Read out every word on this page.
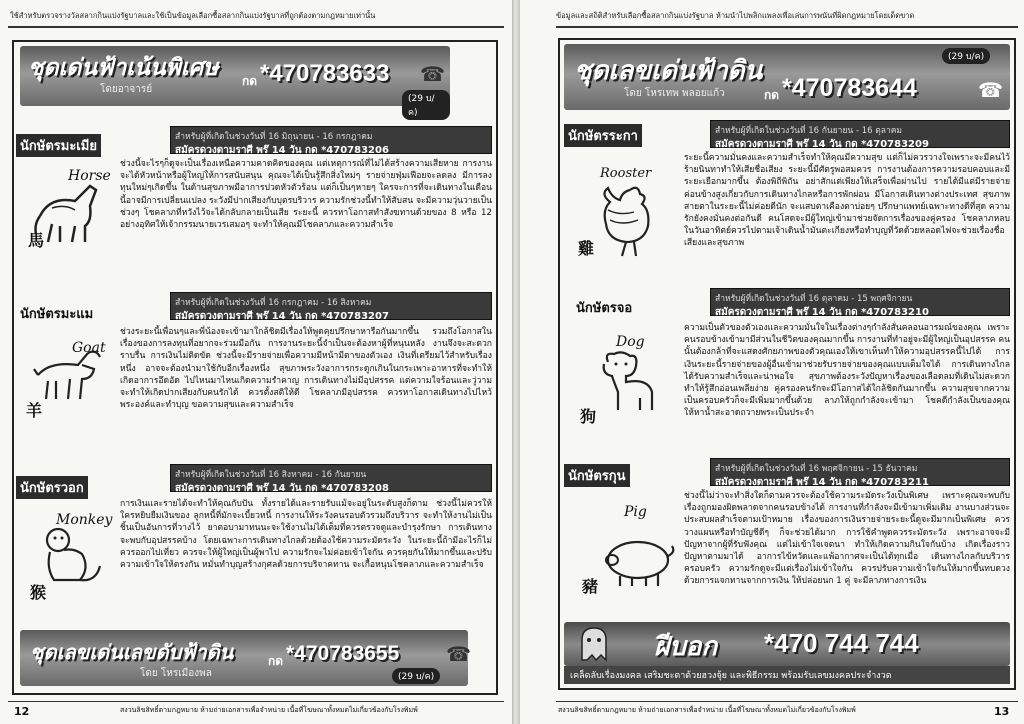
ใช้สำหรับตรวจรางวัลสลากกินแบ่งรัฐบาลและใช้เป็นข้อมูลเลือกซื้อสลากกินแบ่งรัฐบาลที่ถูกต้องตามกฎหมายเท่านั้น
ชุดเด่นฟ้าเน้นพิเศษ
โดยอาจารย์
กด *470783633
(29 บ/ค)
☎
นักษัตรมะเมีย
สำหรับผู้ที่เกิดในช่วงวันที่ 16 มิถุนายน - 16 กรกฎาคม
สมัครดวงตามราศี พร๊ 14 วัน กด *470783206
Horse
馬
ช่วงนี้จะไรๆก็ดูจะเป็นเรื่องเหนือความคาดคิดของคุณ แต่เหตุการณ์ที่ไม่ได้สร้างความเสียหาย การงานจะได้หัวหน้าหรือผู้ใหญ่ให้การสนับสนุน คุณจะได้เป็นรู้สึกสิ่งใหม่ๆ รายจ่ายฟุ่มเฟือยจะลดลง มีการลงทุนใหม่ๆเกิดขึ้น ในด้านสุขภาพมีอาการปวดหัวตัวร้อน แต่ก็เป็นๆหายๆ ใครจะการที่จะเดินทางในเดือนนี้อาจมีการเปลี่ยนแปลง ระวังมีปากเสียงกับบุตรบริวาร ความรักช่วงนี้ทำให้สับสน จะมีความวุ่นวายเป็นช่วงๆ โชคลาภที่หวังไว้จะได้กลับกลายเป็นเสีย ระยะนี้ ควรหาโอกาสทำสังฆทานด้วยของ 8 หรือ 12 อย่างอุทิศให้เจ้ากรรมนายเวรเสมอๆ จะทำให้คุณมีโชคลาภและความสำเร็จ
นักษัตรมะแม
สำหรับผู้ที่เกิดในช่วงวันที่ 16 กรกฎาคม - 16 สิงหาคม
สมัครดวงตามราศี พร๊ 14 วัน กด *470783207
Goat
羊
ช่วงระยะนี้เพื่อนๆและพี่น้องจะเข้ามาใกล้ชิดมีเรื่องให้พูดคุยปรึกษาหารือกันมากขึ้น รวมถึงโอกาสในเรื่องของการลงทุนที่อยากจะร่วมมือกัน การงานระยะนี้จำเป็นจะต้องหาผู้ที่หนุนหลัง งานจึงจะสะดวกราบรื่น การเงินไม่ติดขัด ช่วงนี้จะมีรายจ่ายเพื่อความมีหน้ามีตาของตัวเอง เงินที่เตรียมไว้สำหรับเรื่องหนึ่ง อาจจะต้องนำมาใช้กับอีกเรื่องหนึ่ง สุขภาพระวังอาการกระดูกเกินในกระเพาะอาหารที่จะทำให้เกิดอาการอึดอัด ไปไหนมาไหนเกิดความรำคาญ การเดินทางไม่มีอุปสรรค แต่ความใจร้อนและวู่วามจะทำให้เกิดปากเสียงกับคนรักได้ ควรตั้งสติให้ดี โชคลาภมีอุปสรรค ควรหาโอกาสเดินทางไปไหว้พระองค์และทำบุญ ขอความสุขและความสำเร็จ
นักษัตรวอก
สำหรับผู้ที่เกิดในช่วงวันที่ 16 สิงหาคม - 16 กันยายน
สมัครดวงตามราศี พร๊ 14 วัน กด *470783208
Monkey
猴
การเงินและรายได้จะทำให้คุณกับปัน ทั้งรายได้และรายรับแม้จะอยู่ในระดับสูงก็ตาม ช่วงนี้ไม่ควรให้ใครหยิบยืมเงินของ ลูกหนี้ที่มักจะเบี้ยวหนี้ การงานให้ระวังคนรอบตัวรวมถึงบริวาร จะทำให้งานไม่เป็นชิ้นเป็นอันการที่วางไว้ ยาตอบามาทนนะจะใช้งานไม่ได้เต็มที่ควรตรวจดูและบำรุงรักษา การเดินทางจะพบกับอุปสรรคบ้าง โดยเฉพาะการเดินทางไกลด้วยต้องใช้ความระมัดระวัง ในระยะนี้ถ้ามีอะไรก็ไม่ควรออกไปเที่ยว ควรจะให้ผู้ใหญ่เป็นผู้พาไป ความรักจะไม่ค่อยเข้าใจกัน ควรคุยกันให้มากขึ้นและปรับความเข้าใจให้ตรงกัน หมั่นทำบุญสร้างกุศลด้วยการบริจาคทาน จะเกื้อหนุนโชคลาภและความสำเร็จ
ชุดเลขเด่นเลขดับฟ้าดิน
โดย โหรเมืองพล
กด *470783655
(29 บ/ค)
☎
12	สงวนลิขสิทธิ์ตามกฎหมาย ห้ามถ่ายเอกสารเพื่อจำหน่าย เนื้อที่โฆษณาทั้งหมดไม่เกี่ยวข้องกับโรงพิมพ์
ข้อมูลและสถิติสำหรับเลือกซื้อสลากกินแบ่งรัฐบาล ห้ามนำไปพลิกแพลงเพื่อเล่นการพนันที่ผิดกฎหมายโดยเด็ดขาด
(29 บ/ค)
ชุดเลขเด่นฟ้าดิน
โดย โหรเทพ พลอยแก้ว	กด *470783644	☎
นักษัตรระกา	สำหรับผู้ที่เกิดในช่วงวันที่ 16 กันยายน - 16 ตุลาคม
สมัครดวงตามราศี พร๊ 14 วัน กด *470783209
Rooster
雞
ระยะนี้ความมั่นคงและความสำเร็จทำให้คุณมีความสุข แต่ก็ไม่ควรวางใจเพราะจะมีคนไว้ร้ายนินทาทำให้เสียชื่อเสียง ระยะนี้มีศัตรูพอสมควร การงานต้องการความรอบคอบและมีระยะเยือกมากขึ้น ต้องพิถีพิถัน อย่าสักแต่เพียงให้เสร็จเพื่อผ่านไป รายได้มีแต่มีรายจ่ายค่อนข้างสูงเกี่ยวกับการเดินทางไกลหรือการพักผ่อน มีโอกาสเดินทางต่างประเทศ สุขภาพสายตาในระยะนี้ไม่ค่อยดีนัก จะแสบตาเคืองตาบ่อยๆ ปรึกษาแพทย์เฉพาะทางดีที่สุด ความรักยังคงมั่นคงต่อกันดี คนโสดจะมีผู้ใหญ่เข้ามาช่วยจัดการเรื่องของคู่ครอง โชคลาภหลบ ในวันอาทิตย์ควรไปตามเจ้าเดินน้ำมันตะเกียงหรือทำบุญที่วัดด้วยหลอดไฟจะช่วยเรื่องชื่อเสียงและสุขภาพ
นักษัตรจอ
สำหรับผู้ที่เกิดในช่วงวันที่ 16 ตุลาคม - 15 พฤศจิกายน
สมัครดวงตามราศี พร๊ 14 วัน กด *470783210
Dog
狗
ความเป็นตัวของตัวเองและความมั่นใจในเรื่องต่างๆกำลังสั่นคลอนอารมณ์ของคุณ เพราะคนรอบข้างเข้ามามีส่วนในชีวิตของคุณมากขึ้น การงานที่ทำอยู่จะมีผู้ใหญ่เป็นอุปสรรค คนนั้นต้องกล้าที่จะแสดงศักยภาพของตัวคุณเองให้เขาเห็นทำให้ความอุปสรรคนี้ไปได้ การเงินระยะนี้รายจ่ายของผู้อื่นเข้ามาช่วยรับรายจ่ายของคุณแบบเต็มใจได้ การเดินทางไกลได้รับความสำเร็จและน่าพอใจ สุขภาพต้องระวังปัญหาเรื่องของเลือดลมที่เดินไม่สะดวกทำให้รู้สึกอ่อนเพลียง่าย คู่ครองคนรักจะมีโอกาสได้ใกล้ชิดกันมากขึ้น ความสุขจากความเป็นครอบครัวก็จะมีเพิ่มมากขึ้นด้วย ลาภให้ถูกกำลังจะเข้ามา โชคดีกำลังเป็นของคุณให้หาน้ำสะอาดถวายพระเป็นประจำ
นักษัตรกุน	สำหรับผู้ที่เกิดในช่วงวันที่ 16 พฤศจิกายน - 15 ธันวาคม
สมัครดวงตามราศี พร๊ 14 วัน กด *470783211
Pig
豬
ช่วงนี้ไม่ว่าจะทำสิ่งใดก็ตามควรจะต้องใช้ความระมัดระวังเป็นพิเศษ เพราะคุณจะพบกับเรื่องถูกมองผิดพลาดจากคนรอบข้างได้ การงานที่กำลังจะมีเข้ามาเพิ่มเติม งานบางส่วนจะประสบผลสำเร็จตามเป้าหมาย เรื่องของการเงินรายจ่ายระยะนี้ดูจะมีมากเป็นพิเศษ ควรวางแผนหรือทำบัญชีดีๆ ก็จะช่วยได้มาก การใช้คำพูดควรระมัดระวัง เพราะอาจจะมีปัญหาจากผู้ที่รับฟังคุณ แต่ไม่เข้าใจเจตนา ทำให้เกิดความกินใจกันบ้าง เกิดเรื่องราวปัญหาตามมาได้ อาการไข้หวัดและแพ้อากาศจะเป็นได้ทุกเมื่อ เดินทางไกลกับบริวารครอบครัว ความรักดูจะมีแต่เรื่องไม่เข้าใจกัน ควรปรับความเข้าใจกันให้มากขึ้นทบดวงด้วยการแจกทานจากการเงิน ให้ปล่อยนก 1 คู่ จะมีลาภทางการเงิน
ฝีบอก *470 744 744
เคล็ดลับเรื่องมงคล เสริมชะตาด้วยฮวงจุ้ย และพิธีกรรม พร้อมรับเลขมงคลประจำงวด
สงวนลิขสิทธิ์ตามกฎหมาย ห้ามถ่ายเอกสารเพื่อจำหน่าย เนื้อที่โฆษณาทั้งหมดไม่เกี่ยวข้องกับโรงพิมพ์	13
